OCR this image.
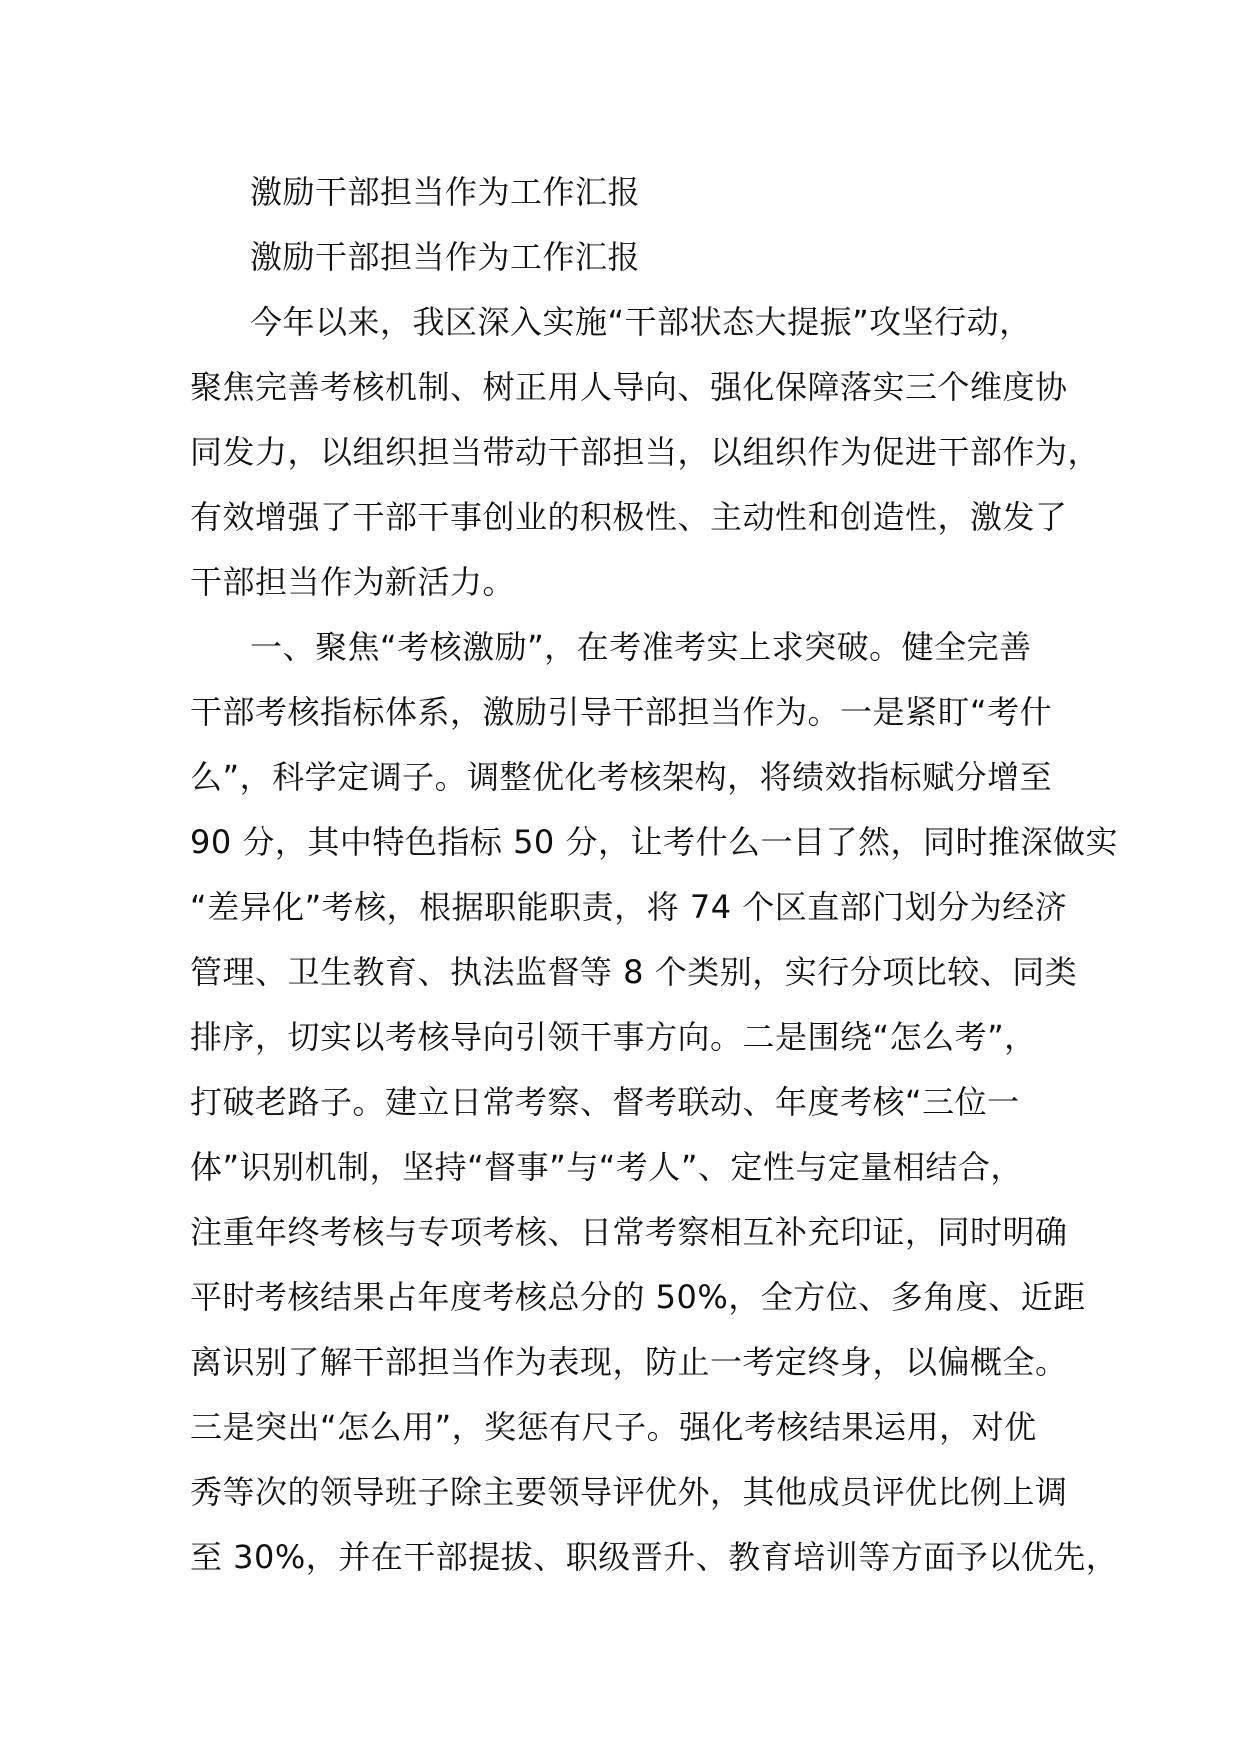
激励干部担当作为工作汇报
激励干部担当作为工作汇报
今年以来，我区深入实施“干部状态大提振”攻坚行动，
聚焦完善考核机制、树正用人导向、强化保障落实三个维度协
同发力，以组织担当带动干部担当，以组织作为促进干部作为，
有效增强了干部干事创业的积极性、主动性和创造性，激发了
干部担当作为新活力。
一、聚焦“考核激励”，在考准考实上求突破。健全完善
干部考核指标体系，激励引导干部担当作为。一是紧盯“考什
么”，科学定调子。调整优化考核架构，将绩效指标赋分增至
90 分，其中特色指标 50 分，让考什么一目了然，同时推深做实
“差异化”考核，根据职能职责，将 74 个区直部门划分为经济
管理、卫生教育、执法监督等 8 个类别，实行分项比较、同类
排序，切实以考核导向引领干事方向。二是围绕“怎么考”，
打破老路子。建立日常考察、督考联动、年度考核“三位一
体”识别机制，坚持“督事”与“考人”、定性与定量相结合，
注重年终考核与专项考核、日常考察相互补充印证，同时明确
平时考核结果占年度考核总分的 50%，全方位、多角度、近距
离识别了解干部担当作为表现，防止一考定终身，以偏概全。
三是突出“怎么用”，奖惩有尺子。强化考核结果运用，对优
秀等次的领导班子除主要领导评优外，其他成员评优比例上调
至 30%，并在干部提拔、职级晋升、教育培训等方面予以优先，
